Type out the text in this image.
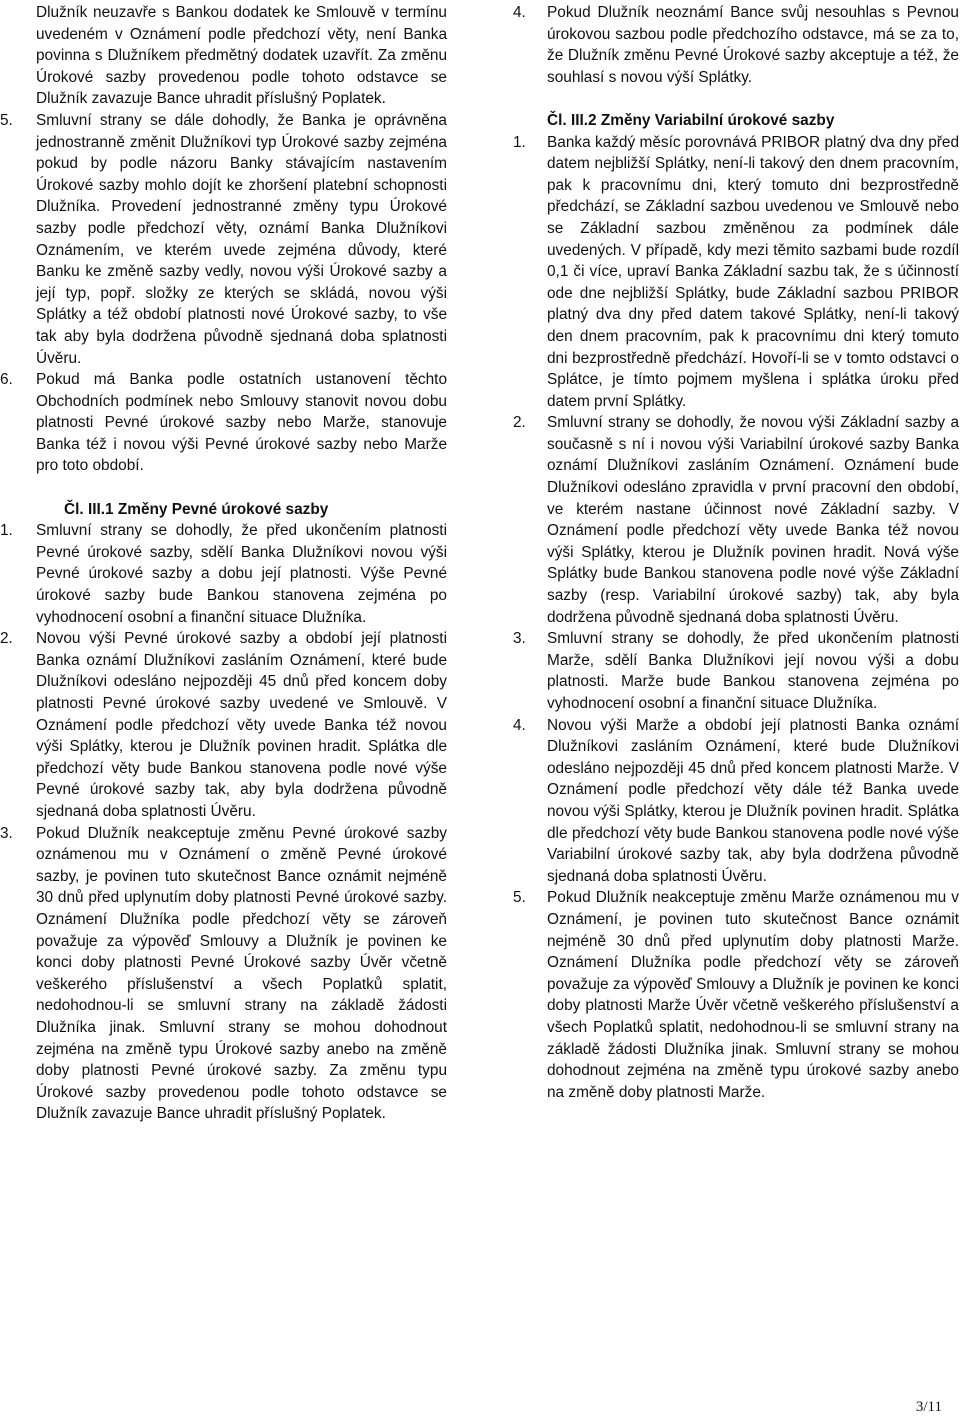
Dlužník neuzavře s Bankou dodatek ke Smlouvě v termínu uvedeném v Oznámení podle předchozí věty, není Banka povinna s Dlužníkem předmětný dodatek uzavřít. Za změnu Úrokové sazby provedenou podle tohoto odstavce se Dlužník zavazuje Bance uhradit příslušný Poplatek.

5. Smluvní strany se dále dohodly, že Banka je oprávněna jednostranně změnit Dlužníkovi typ Úrokové sazby zejména pokud by podle názoru Banky stávajícím nastavením Úrokové sazby mohlo dojít ke zhoršení platební schopnosti Dlužníka. Provedení jednostranné změny typu Úrokové sazby podle předchozí věty, oznámí Banka Dlužníkovi Oznámením, ve kterém uvede zejména důvody, které Banku ke změně sazby vedly, novou výši Úrokové sazby a její typ, popř. složky ze kterých se skládá, novou výši Splátky a též období platnosti nové Úrokové sazby, to vše tak aby byla dodržena původně sjednaná doba splatnosti Úvěru.

6. Pokud má Banka podle ostatních ustanovení těchto Obchodních podmínek nebo Smlouvy stanovit novou dobu platnosti Pevné úrokové sazby nebo Marže, stanovuje Banka též i novou výši Pevné úrokové sazby nebo Marže pro toto období.

Čl. III.1 Změny Pevné úrokové sazby

1. Smluvní strany se dohodly, že před ukončením platnosti Pevné úrokové sazby, sdělí Banka Dlužníkovi novou výši Pevné úrokové sazby a dobu její platnosti. Výše Pevné úrokové sazby bude Bankou stanovena zejména po vyhodnocení osobní a finanční situace Dlužníka.

2. Novou výši Pevné úrokové sazby a období její platnosti Banka oznámí Dlužníkovi zasláním Oznámení, které bude Dlužníkovi odesláno nejpozději 45 dnů před koncem doby platnosti Pevné úrokové sazby uvedené ve Smlouvě. V Oznámení podle předchozí věty uvede Banka též novou výši Splátky, kterou je Dlužník povinen hradit. Splátka dle předchozí věty bude Bankou stanovena podle nové výše Pevné úrokové sazby tak, aby byla dodržena původně sjednaná doba splatnosti Úvěru.

3. Pokud Dlužník neakceptuje změnu Pevné úrokové sazby oznámenou mu v Oznámení o změně Pevné úrokové sazby, je povinen tuto skutečnost Bance oznámit nejméně 30 dnů před uplynutím doby platnosti Pevné úrokové sazby. Oznámení Dlužníka podle předchozí věty se zároveň považuje za výpověď Smlouvy a Dlužník je povinen ke konci doby platnosti Pevné Úrokové sazby Úvěr včetně veškerého příslušenství a všech Poplatků splatit, nedohodnou-li se smluvní strany na základě žádosti Dlužníka jinak. Smluvní strany se mohou dohodnout zejména na změně typu Úrokové sazby anebo na změně doby platnosti Pevné úrokové sazby. Za změnu typu Úrokové sazby provedenou podle tohoto odstavce se Dlužník zavazuje Bance uhradit příslušný Poplatek.

4. Pokud Dlužník neoznámí Bance svůj nesouhlas s Pevnou úrokovou sazbou podle předchozího odstavce, má se za to, že Dlužník změnu Pevné Úrokové sazby akceptuje a též, že souhlasí s novou výší Splátky.

Čl. III.2 Změny Variabilní úrokové sazby

1. Banka každý měsíc porovnává PRIBOR platný dva dny před datem nejbližší Splátky, není-li takový den dnem pracovním, pak k pracovnímu dni, který tomuto dni bezprostředně předchází, se Základní sazbou uvedenou ve Smlouvě nebo se Základní sazbou změněnou za podmínek dále uvedených. V případě, kdy mezi těmito sazbami bude rozdíl 0,1 či více, upraví Banka Základní sazbu tak, že s účinností ode dne nejbližší Splátky, bude Základní sazbou PRIBOR platný dva dny před datem takové Splátky, není-li takový den dnem pracovním, pak k pracovnímu dni který tomuto dni bezprostředně předchází. Hovoří-li se v tomto odstavci o Splátce, je tímto pojmem myšlena i splátka úroku před datem první Splátky.

2. Smluvní strany se dohodly, že novou výši Základní sazby a současně s ní i novou výši Variabilní úrokové sazby Banka oznámí Dlužníkovi zasláním Oznámení. Oznámení bude Dlužníkovi odesláno zpravidla v první pracovní den období, ve kterém nastane účinnost nové Základní sazby. V Oznámení podle předchozí věty uvede Banka též novou výši Splátky, kterou je Dlužník povinen hradit. Nová výše Splátky bude Bankou stanovena podle nové výše Základní sazby (resp. Variabilní úrokové sazby) tak, aby byla dodržena původně sjednaná doba splatnosti Úvěru.

3. Smluvní strany se dohodly, že před ukončením platnosti Marže, sdělí Banka Dlužníkovi její novou výši a dobu platnosti. Marže bude Bankou stanovena zejména po vyhodnocení osobní a finanční situace Dlužníka.

4. Novou výši Marže a období její platnosti Banka oznámí Dlužníkovi zasláním Oznámení, které bude Dlužníkovi odesláno nejpozději 45 dnů před koncem platnosti Marže. V Oznámení podle předchozí věty dále též Banka uvede novou výši Splátky, kterou je Dlužník povinen hradit. Splátka dle předchozí věty bude Bankou stanovena podle nové výše Variabilní úrokové sazby tak, aby byla dodržena původně sjednaná doba splatnosti Úvěru.

5. Pokud Dlužník neakceptuje změnu Marže oznámenou mu v Oznámení, je povinen tuto skutečnost Bance oznámit nejméně 30 dnů před uplynutím doby platnosti Marže. Oznámení Dlužníka podle předchozí věty se zároveň považuje za výpověď Smlouvy a Dlužník je povinen ke konci doby platnosti Marže Úvěr včetně veškerého příslušenství a všech Poplatků splatit, nedohodnou-li se smluvní strany na základě žádosti Dlužníka jinak. Smluvní strany se mohou dohodnout zejména na změně typu úrokové sazby anebo na změně doby platnosti Marže.

3/11
